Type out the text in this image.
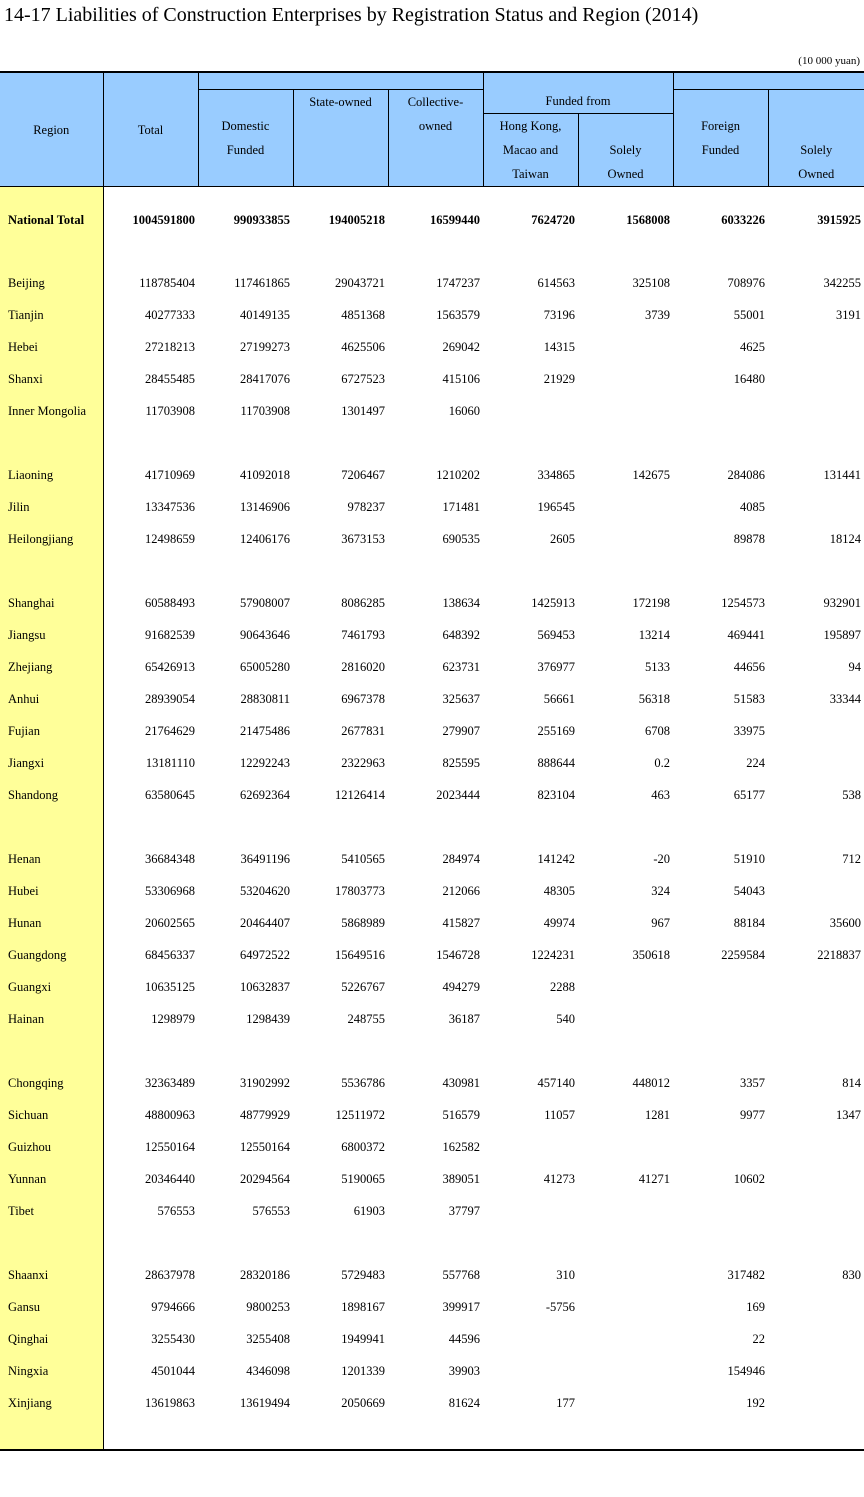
14-17 Liabilities of Construction Enterprises by Registration Status and Region (2014)
(10 000 yuan)
Region	Total				Funded from			

		Domestic Funded	State-owned	Collective-owned			Foreign Funded	Solely Owned

					Hong Kong, Macao and Taiwan	Solely Owned		

National Total	1004591800	990933855	194005218	16599440	7624720	1568008	6033226	3915925

Beijing	118785404	117461865	29043721	1747237	614563	325108	708976	342255
Tianjin	40277333	40149135	4851368	1563579	73196	3739	55001	3191
Hebei	27218213	27199273	4625506	269042	14315		4625	
Shanxi	28455485	28417076	6727523	415106	21929		16480	
Inner Mongolia	11703908	11703908	1301497	16060				

Liaoning	41710969	41092018	7206467	1210202	334865	142675	284086	131441
Jilin	13347536	13146906	978237	171481	196545		4085	
Heilongjiang	12498659	12406176	3673153	690535	2605		89878	18124

Shanghai	60588493	57908007	8086285	138634	1425913	172198	1254573	932901
Jiangsu	91682539	90643646	7461793	648392	569453	13214	469441	195897
Zhejiang	65426913	65005280	2816020	623731	376977	5133	44656	94
Anhui	28939054	28830811	6967378	325637	56661	56318	51583	33344
Fujian	21764629	21475486	2677831	279907	255169	6708	33975	
Jiangxi	13181110	12292243	2322963	825595	888644	0.2	224	
Shandong	63580645	62692364	12126414	2023444	823104	463	65177	538

Henan	36684348	36491196	5410565	284974	141242	-20	51910	712
Hubei	53306968	53204620	17803773	212066	48305	324	54043	
Hunan	20602565	20464407	5868989	415827	49974	967	88184	35600
Guangdong	68456337	64972522	15649516	1546728	1224231	350618	2259584	2218837
Guangxi	10635125	10632837	5226767	494279	2288			
Hainan	1298979	1298439	248755	36187	540			

Chongqing	32363489	31902992	5536786	430981	457140	448012	3357	814
Sichuan	48800963	48779929	12511972	516579	11057	1281	9977	1347
Guizhou	12550164	12550164	6800372	162582				
Yunnan	20346440	20294564	5190065	389051	41273	41271	10602	
Tibet	576553	576553	61903	37797				

Shaanxi	28637978	28320186	5729483	557768	310		317482	830
Gansu	9794666	9800253	1898167	399917	-5756		169	
Qinghai	3255430	3255408	1949941	44596			22	
Ningxia	4501044	4346098	1201339	39903			154946	
Xinjiang	13619863	13619494	2050669	81624	177		192	
